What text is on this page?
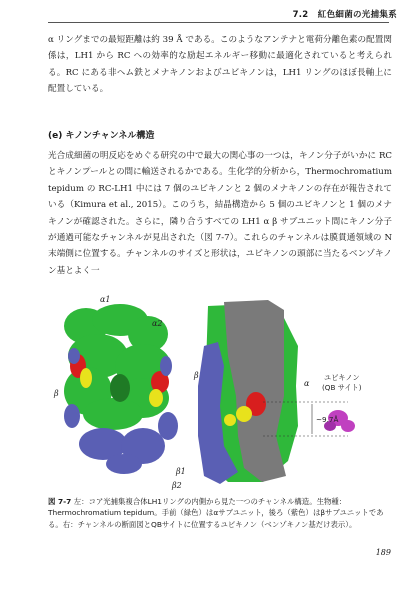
7.2 紅色細菌の光捕集系
α リングまでの最短距離は約 39 Å である。このようなアンテナと電荷分離色素の配置関係は，LH1 から RC への効率的な励起エネルギー移動に最適化されていると考えられる。RC にある非ヘム鉄とメナキノンおよびユビキノンは，LH1 リングのほぼ長軸上に配置している。
(e) キノンチャンネル構造
光合成細菌の明反応をめぐる研究の中で最大の関心事の一つは，キノン分子がいかに RC とキノンプールとの間に輸送されるかである。生化学的分析から，Thermochromatium tepidum の RC-LH1 中には 7 個のユビキノンと 2 個のメナキノンの存在が報告されている（Kimura et al., 2015）。このうち，結晶構造から 5 個のユビキノンと 1 個のメナキノンが確認された。さらに，隣り合うすべての LH1 α β サブユニット間にキノン分子が通過可能なチャンネルが見出された（図 7-7）。これらのチャンネルは膜貫通領域の N 末端側に位置する。チャンネルのサイズと形状は，ユビキノンの頭部に当たるベンゾキノン基とよく一
α1
α2
β
β1
β2
β
α
~9.7Å
ユビキノン
(QB サイト)
図 7-7 左：コア光捕集複合体LH1リングの内側から見た一つのチャンネル構造。生物種：Thermochromatium tepidum。手前（緑色）はαサブユニット，後ろ（紫色）はβサブユニットである。右：チャンネルの断面図とQBサイトに位置するユビキノン（ベンゾキノン基だけ表示）。
189
